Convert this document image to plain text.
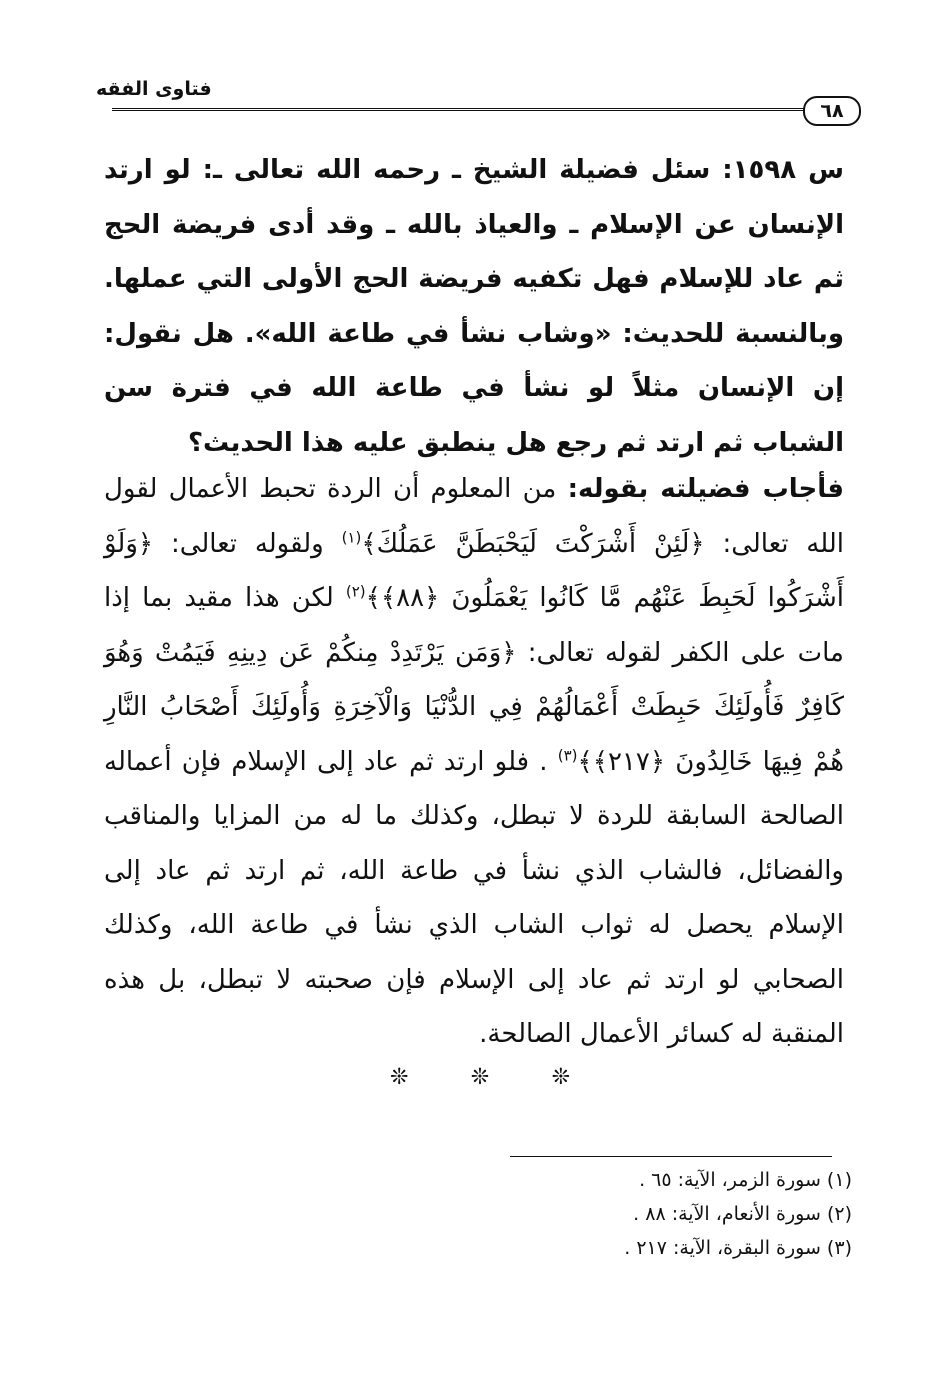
فتاوى الفقه
٦٨
س ١٥٩٨: سئل فضيلة الشيخ ـ رحمه الله تعالى ـ: لو ارتد الإنسان عن الإسلام ـ والعياذ بالله ـ وقد أدى فريضة الحج ثم عاد للإسلام فهل تكفيه فريضة الحج الأولى التي عملها. وبالنسبة للحديث: «وشاب نشأ في طاعة الله». هل نقول: إن الإنسان مثلاً لو نشأ في طاعة الله في فترة سن الشباب ثم ارتد ثم رجع هل ينطبق عليه هذا الحديث؟
فأجاب فضيلته بقوله: من المعلوم أن الردة تحبط الأعمال لقول الله تعالى: ﴿لَئِنْ أَشْرَكْتَ لَيَحْبَطَنَّ عَمَلُكَ﴾$^{(١)}$ ولقوله تعالى: ﴿وَلَوْ أَشْرَكُوا لَحَبِطَ عَنْهُم مَّا كَانُوا يَعْمَلُونَ ﴿٨٨﴾﴾$^{(٢)}$ لكن هذا مقيد بما إذا مات على الكفر لقوله تعالى: ﴿وَمَن يَرْتَدِدْ مِنكُمْ عَن دِينِهِ فَيَمُتْ وَهُوَ كَافِرٌ فَأُولَئِكَ حَبِطَتْ أَعْمَالُهُمْ فِي الدُّنْيَا وَالْآخِرَةِ وَأُولَئِكَ أَصْحَابُ النَّارِ هُمْ فِيهَا خَالِدُونَ ﴿٢١٧﴾﴾$^{(٣)}$ . فلو ارتد ثم عاد إلى الإسلام فإن أعماله الصالحة السابقة للردة لا تبطل، وكذلك ما له من المزايا والمناقب والفضائل، فالشاب الذي نشأ في طاعة الله، ثم ارتد ثم عاد إلى الإسلام يحصل له ثواب الشاب الذي نشأ في طاعة الله، وكذلك الصحابي لو ارتد ثم عاد إلى الإسلام فإن صحبته لا تبطل، بل هذه المنقبة له كسائر الأعمال الصالحة.
❊	❊	❊
(١) سورة الزمر، الآية: ٦٥ .
(٢) سورة الأنعام، الآية: ٨٨ .
(٣) سورة البقرة، الآية: ٢١٧ .
